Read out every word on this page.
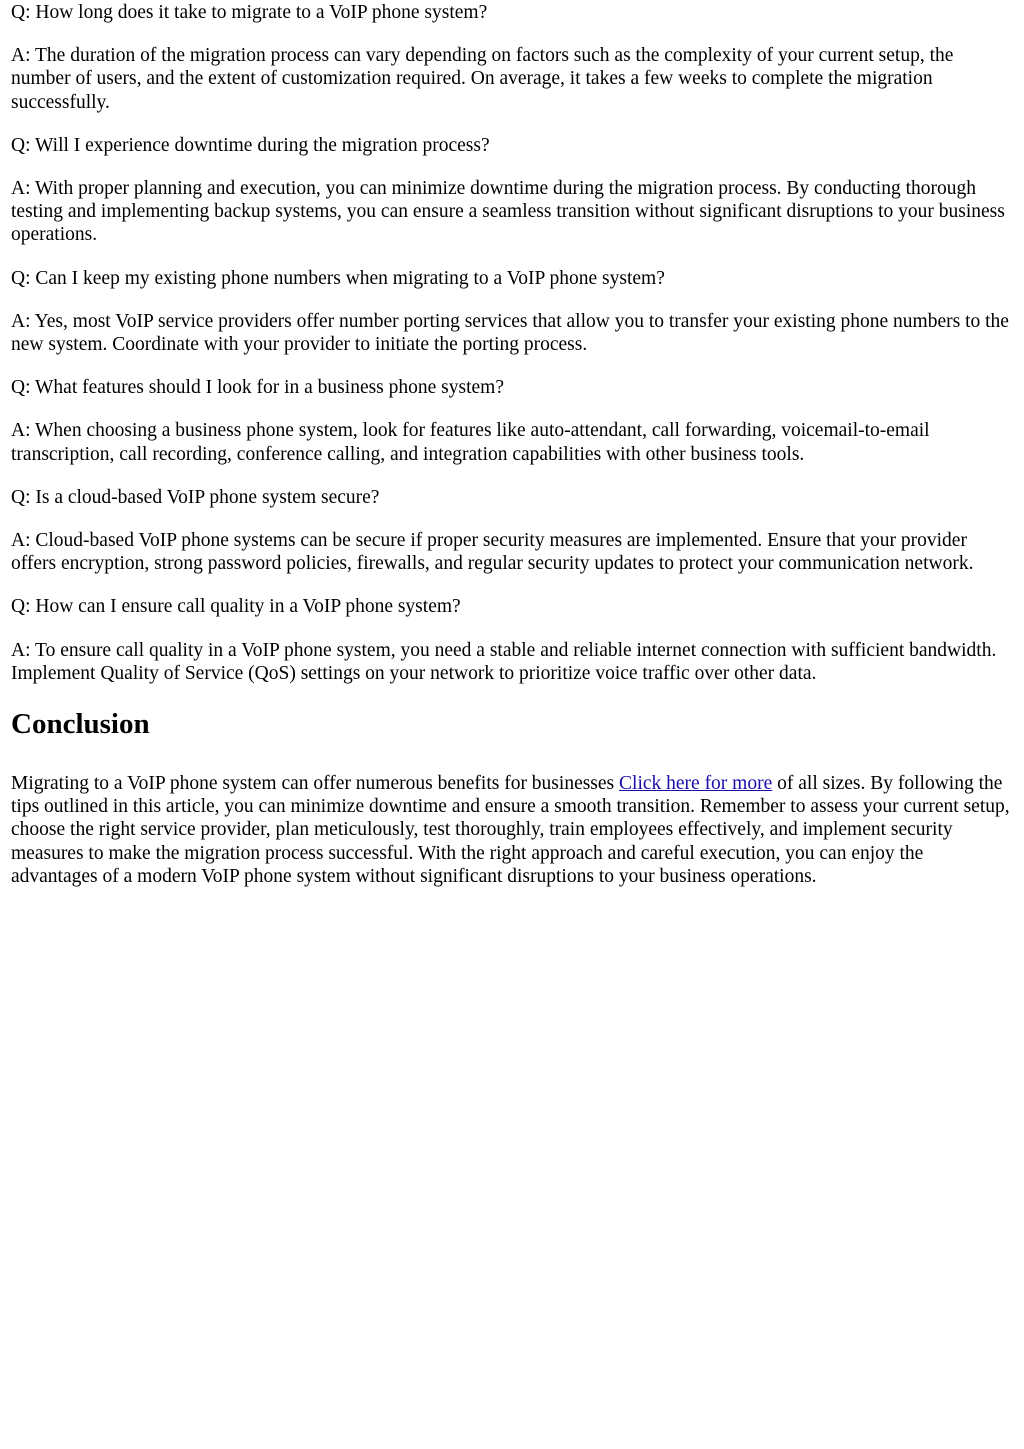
Q: How long does it take to migrate to a VoIP phone system?

A: The duration of the migration process can vary depending on factors such as the complexity of your current setup, the number of users, and the extent of customization required. On average, it takes a few weeks to complete the migration successfully.

Q: Will I experience downtime during the migration process?

A: With proper planning and execution, you can minimize downtime during the migration process. By conducting thorough testing and implementing backup systems, you can ensure a seamless transition without significant disruptions to your business operations.

Q: Can I keep my existing phone numbers when migrating to a VoIP phone system?

A: Yes, most VoIP service providers offer number porting services that allow you to transfer your existing phone numbers to the new system. Coordinate with your provider to initiate the porting process.

Q: What features should I look for in a business phone system?

A: When choosing a business phone system, look for features like auto-attendant, call forwarding, voicemail-to-email transcription, call recording, conference calling, and integration capabilities with other business tools.

Q: Is a cloud-based VoIP phone system secure?

A: Cloud-based VoIP phone systems can be secure if proper security measures are implemented. Ensure that your provider offers encryption, strong password policies, firewalls, and regular security updates to protect your communication network.

Q: How can I ensure call quality in a VoIP phone system?

A: To ensure call quality in a VoIP phone system, you need a stable and reliable internet connection with sufficient bandwidth. Implement Quality of Service (QoS) settings on your network to prioritize voice traffic over other data.

Conclusion

Migrating to a VoIP phone system can offer numerous benefits for businesses Click here for more of all sizes. By following the tips outlined in this article, you can minimize downtime and ensure a smooth transition. Remember to assess your current setup, choose the right service provider, plan meticulously, test thoroughly, train employees effectively, and implement security measures to make the migration process successful. With the right approach and careful execution, you can enjoy the advantages of a modern VoIP phone system without significant disruptions to your business operations.
